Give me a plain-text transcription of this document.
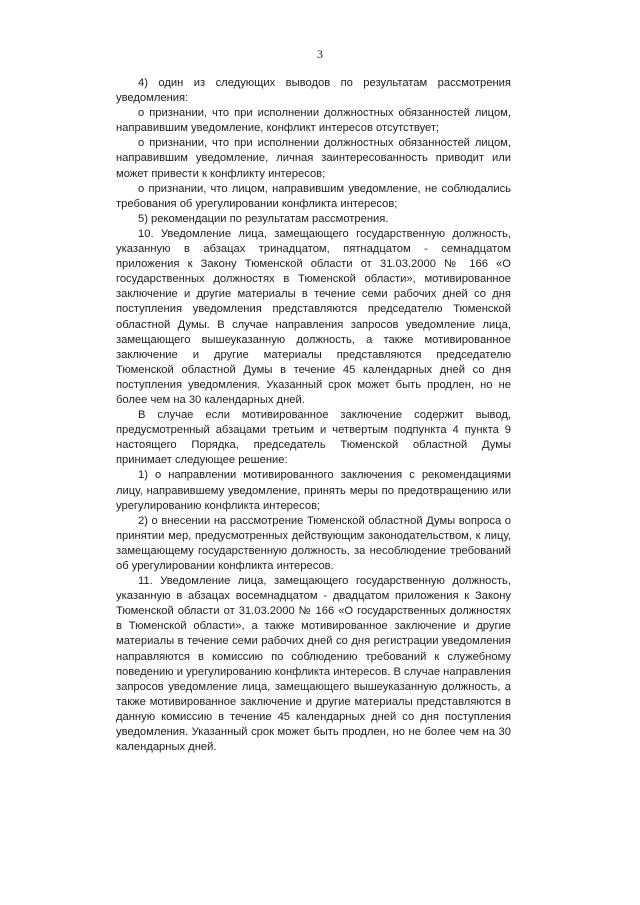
3

4) один из следующих выводов по результатам рассмотрения уведомления:

о признании, что при исполнении должностных обязанностей лицом, направившим уведомление, конфликт интересов отсутствует;

о признании, что при исполнении должностных обязанностей лицом, направившим уведомление, личная заинтересованность приводит или может привести к конфликту интересов;

о признании, что лицом, направившим уведомление, не соблюдались требования об урегулировании конфликта интересов;

5) рекомендации по результатам рассмотрения.

10. Уведомление лица, замещающего государственную должность, указанную в абзацах тринадцатом, пятнадцатом - семнадцатом приложения к Закону Тюменской области от 31.03.2000 № 166 «О государственных должностях в Тюменской области», мотивированное заключение и другие материалы в течение семи рабочих дней со дня поступления уведомления представляются председателю Тюменской областной Думы. В случае направления запросов уведомление лица, замещающего вышеуказанную должность, а также мотивированное заключение и другие материалы представляются председателю Тюменской областной Думы в течение 45 календарных дней со дня поступления уведомления. Указанный срок может быть продлен, но не более чем на 30 календарных дней.

В случае если мотивированное заключение содержит вывод, предусмотренный абзацами третьим и четвертым подпункта 4 пункта 9 настоящего Порядка, председатель Тюменской областной Думы принимает следующее решение:

1) о направлении мотивированного заключения с рекомендациями лицу, направившему уведомление, принять меры по предотвращению или урегулированию конфликта интересов;

2) о внесении на рассмотрение Тюменской областной Думы вопроса о принятии мер, предусмотренных действующим законодательством, к лицу, замещающему государственную должность, за несоблюдение требований об урегулировании конфликта интересов.

11. Уведомление лица, замещающего государственную должность, указанную в абзацах восемнадцатом - двадцатом приложения к Закону Тюменской области от 31.03.2000 № 166 «О государственных должностях в Тюменской области», а также мотивированное заключение и другие материалы в течение семи рабочих дней со дня регистрации уведомления направляются в комиссию по соблюдению требований к служебному поведению и урегулированию конфликта интересов. В случае направления запросов уведомление лица, замещающего вышеуказанную должность, а также мотивированное заключение и другие материалы представляются в данную комиссию в течение 45 календарных дней со дня поступления уведомления. Указанный срок может быть продлен, но не более чем на 30 календарных дней.
